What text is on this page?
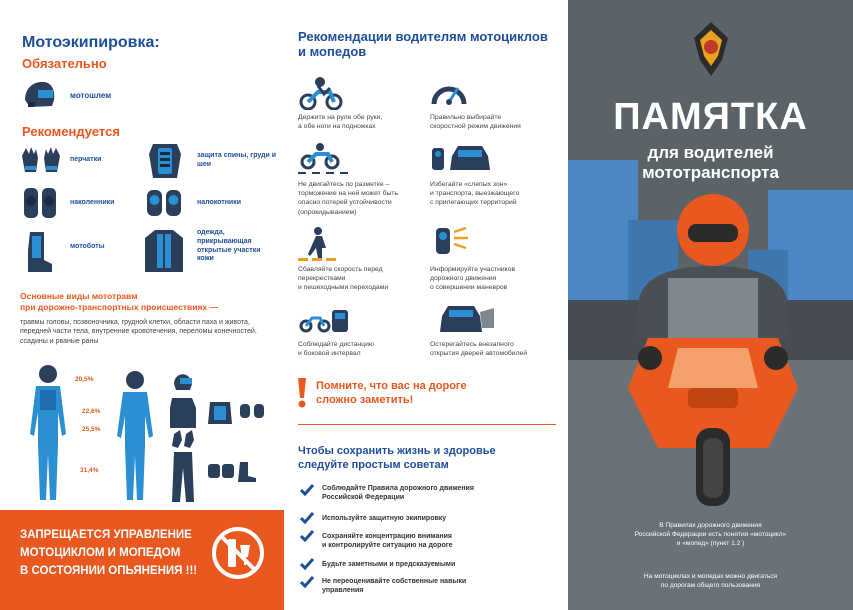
Мотоэкипировка:
Обязательно
мотошлем
Рекомендуется
перчатки
защита спины, груди и шеи
наколенники	налокотники
мотоботы
одежда, прикрывающая открытые участки кожи
Основные виды мототравм
при дорожно-транспортных происшествиях —
травмы головы, позвоночника, грудной клетки, области паха и живота, передней части тела, внутренние кровотечения, переломы конечностей, ссадины и рваные раны
20,5%
22,6%
25,5%
31,4%
ЗАПРЕЩАЕТСЯ УПРАВЛЕНИЕ
МОТОЦИКЛОМ И МОПЕДОМ
В СОСТОЯНИИ ОПЬЯНЕНИЯ !!!
Рекомендации водителям мотоциклов и мопедов
Держите на руле обе руки,
а обе ноги на подножках
Правильно выбирайте
скоростной режим движения
Не двигайтесь по разметке –
торможение на ней может быть
опасно потерей устойчивости
(опрокидыванием)
Избегайте «слепых зон»
и транспорта, выезжающего
с прилегающих территорий
Сбавляйте скорость перед
перекрестками
и пешеходными переходами
Информируйте участников
дорожного движения
о совершении маневров
Соблюдайте дистанцию
и боковой интервал
Остерегайтесь внезапного
открытия дверей автомобилей
Помните, что вас на дороге
сложно заметить!
Чтобы сохранить жизнь и здоровье
следуйте простым советам
Соблюдайте Правила дорожного движения
Российской Федерации
Используйте защитную экипировку
Сохраняйте концентрацию внимания
и контролируйте ситуацию на дороге
Будьте заметными и предсказуемыми
Не переоценивайте собственные навыки
управления
ПАМЯТКА
для водителей
мототранспорта
В Правилах дорожного движения
Российской Федерации есть понятия «мотоцикл»
и «мопед» (пункт 1.2 )
На мотоциклах и мопедах можно двигаться
по дорогам общего пользования
